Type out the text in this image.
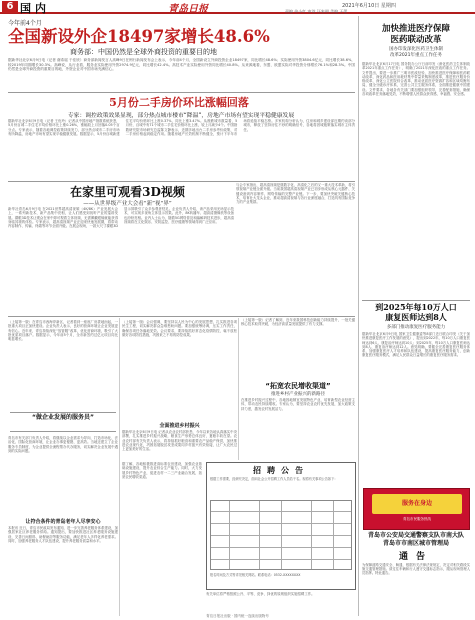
6 国内	青岛日报	2021年6月10日 星期四
责编 佟小红 审读 汪家明 美编 王蕾
今年前4个月
全国新设外企18497家增长48.6%
商务部：中国仍然是全球外商投资的重要目的地
据新华社北京6月9日电（记者 谢希瑶 于佳欣）商务部新闻发言人高峰9日在例行新闻发布会上表示，今年前4个月，全国新设立外商投资企业18497家，同比增长48.6%；实际使用外资3804.6亿元，同比增长38.6%，较2019年同期增长30.3%。高峰说，从行业看，服务业实际使用外资2974.9亿元，同比增长42.4%。高技术产业实际使用外资同比增长40.8%。从来源地看，东盟、欧盟实际对华投资分别增长76.1%和28.3%。中国仍然是全球外商投资的重要目的地，外资企业对中国市场充满信心。
5月份二手房价环比涨幅回落
专家：调控政策效果显现，部分热点城市楼市“降温”，房地产市场有望实现平稳健康发展
据新华社北京6月9日电（记者 王优玲）记者从中国房地产指数系统获悉，5月份百城二手住宅平均价格环比上涨0.26%，涨幅较上月回落0.05个百分点。专家表示，随着各地调控政策持续发力，部分热点城市二手房市场有所降温，房地产市场有望实现平稳健康发展。数据显示，5月份百城新建住宅平均价格环比上涨0.37%，同比上涨3.47%。从涨跌城市数量看，5月份，百城中有71个城市二手住宅价格环比上涨，较上月减少4个。中国指数研究院市场研究总监陈文静表示，近期多地出台二手房参考价政策，对二手房价格起到稳定作用。随着房地产长效机制不断健全，预计下半年市场将延续平稳态势。多家机构分析认为，住房和城乡建设部近期约谈部分城市，释放了坚持房住不炒的明确信号，各地将因城施策落实城市主体责任。
在家里可观看3D视频
——从世界级产业大会看“新”视“界”
与会专家指出，超高清视频是继数字化、高清化之后的又一重大技术革新，将引领视频产业链全面升级。当前我国超高清视频产业已初步形成从核心元器件、关键设备到内容制作、网络传输的完整产业链。下一步，要加快突破关键核心技术，培育壮大龙头企业，推动超高清视频与各行业深度融合，打造具有国际竞争力的产业集群。
新华社青岛6月9日电 在2021世界超高清视频（4K/8K）产业发展大会上，一系列新技术、新产品集中亮相，让人们感受到视听产业的蓬勃发展。裸眼3D技术让观众在家中即可观看立体视频，无需佩戴眼镜就能获得身临其境的体验。专家表示，超高清视频产业正迎来快速发展期，将带动内容制作、传输、终端等环节全面升级。在展会现场，一款大尺寸裸眼3D显示屏吸引了众多参观者驻足。企业负责人介绍，该产品采用光场显示技术，可实现多视角立体显示效果。此外，8K转播车、超高清摄像机等设备也纷纷亮相。业内人士认为，随着5G网络普及和编解码技术进步，超高清视频将在文化娱乐、安防监控、医疗健康等领域得到广泛应用。
（上接第一版）在青岛市西海岸新区，记者看到一座座厂房拔地而起，一批重大项目正加快建设。企业负责人表示，良好的营商环境让企业发展更有信心。近年来，青岛持续深化“放管服”改革，优化营商环境，吸引了大批优质项目落户。数据显示，今年前5个月，全市新签约过亿元项目同比明显增长。
“做企业发展的服务员”
青岛市有关部门负责人介绍，将继续以企业需求为导向，打造市场化、法治化、国际化营商环境，让企业办事更便捷、更高效。当地还建立了企业服务专员制度，为企业提供全流程帮办代办服务，切实解决企业发展中遇到的实际问题。
让符合条件的青岛老年人尽享安心
本报讯 近日，青岛市民政局发布通知，进一步完善养老服务体系建设，加强居家社区养老服务供给。通知提出，要加快推进社区养老服务设施建设，完善日间照料、助餐助浴等服务功能，满足老年人多样化养老需求。同时，加强养老服务人才队伍建设，提升养老服务质量和水平。
（上接第一版）会议强调，要坚持以人民为中心的发展思想，扎实推进各项民生工程，切实解决群众急难愁盼问题。要加强统筹协调，压实工作责任，确保各项任务落地见效。会议要求，要持续抓好常态化疫情防控，毫不放松做好各项防控措施，巩固来之不易的防控成果。
全面推进乡村振兴
据新华社北京6月9日电 记者从农业农村部获悉，今年以来各地认真落实中央部署，扎实推进乡村振兴战略，粮食生产形势总体良好，夏粮丰收在望。农业农村部有关负责人表示，将持续抓好粮食和重要农产品稳产保供，加快推进农业现代化，巩固拓展脱贫攻坚成果同乡村振兴有效衔接，让广大农民过上更加美好的生活。
据了解，各地积极推进高标准农田建设，加强农业基础设施建设，提升农业综合生产能力。同时，大力发展乡村特色产业，促进农村一二三产业融合发展，拓宽农民增收渠道。
（上接第一版）记者了解到，近年来我国科技创新能力持续提升，一批关键核心技术取得突破，为经济高质量发展提供了有力支撑。
“拓宽农民增收渠道”
推进乡村产业振兴的新路径
在推进乡村振兴过程中，各地因地制宜发展特色产业，培育新型农业经营主体，带动农民持续增收。专家认为，要坚持农业农村优先发展，加大政策支持力度，激发农村发展活力。
招聘公告
根据工作需要，经研究决定，面向社会公开招聘工作人员若干名。现将有关事项公告如下：
报名时间及方式等详见相关网站。联系电话：0532-XXXXXXXX
有关单位将严格按照公开、平等、竞争、择优的原则组织实施招聘工作。
加快推进医疗保障
医药联动改革
国办印发深化医药卫生体制
改革2021年重点工作任务
据新华社北京6月17日电 国务院办公厅日前印发《深化医药卫生体制改革2021年重点工作任务》，明确了2021年深化医改的重点工作任务。文件提出，要进一步推广三明市医改经验，加快推进医疗保障和医药联动改革，深化药品和医用耗材集中带量采购制度改革，推进医疗服务价格改革，深化公立医院综合改革，推动优质医疗资源扩容和区域均衡布局，健全分级诊疗体系，完善公共卫生服务体系，全面推进健康中国建设。文件要求，各地各有关部门要加强组织领导，完善配套措施，确保各项改革任务落地见效，不断增强人民群众获得感、幸福感、安全感。
到2025年每10万人口
康复医师达到8人
多部门推动康复医疗服务能力
据新华社北京6月9日电 国家卫生健康委等8部门近日联合印发《关于加快推进康复医疗工作发展的意见》，提出到2022年，每10万人口康复医师达到6人、康复治疗师达到10人；到2025年，每10万人口康复医师达到8人、康复治疗师达到12人。意见明确，要健全完善康复医疗服务体系，加强康复医疗人才培养和队伍建设，提高康复医疗服务能力，创新康复医疗服务模式，满足人民群众日益增长的康复医疗服务需求。
服务在身边
青岛市民服务热线
青岛市公安局交通警察支队市南大队
青岛市市南区城市管理局
通告
为保障道路交通安全、畅通，根据有关法律法规规定，决定对相关路段实施交通管理措施。请过往车辆和行人遵守交通标志指示，服从现场管理人员指挥。特此通告。
青岛日报社出版 · 国内统一连续出版物号
